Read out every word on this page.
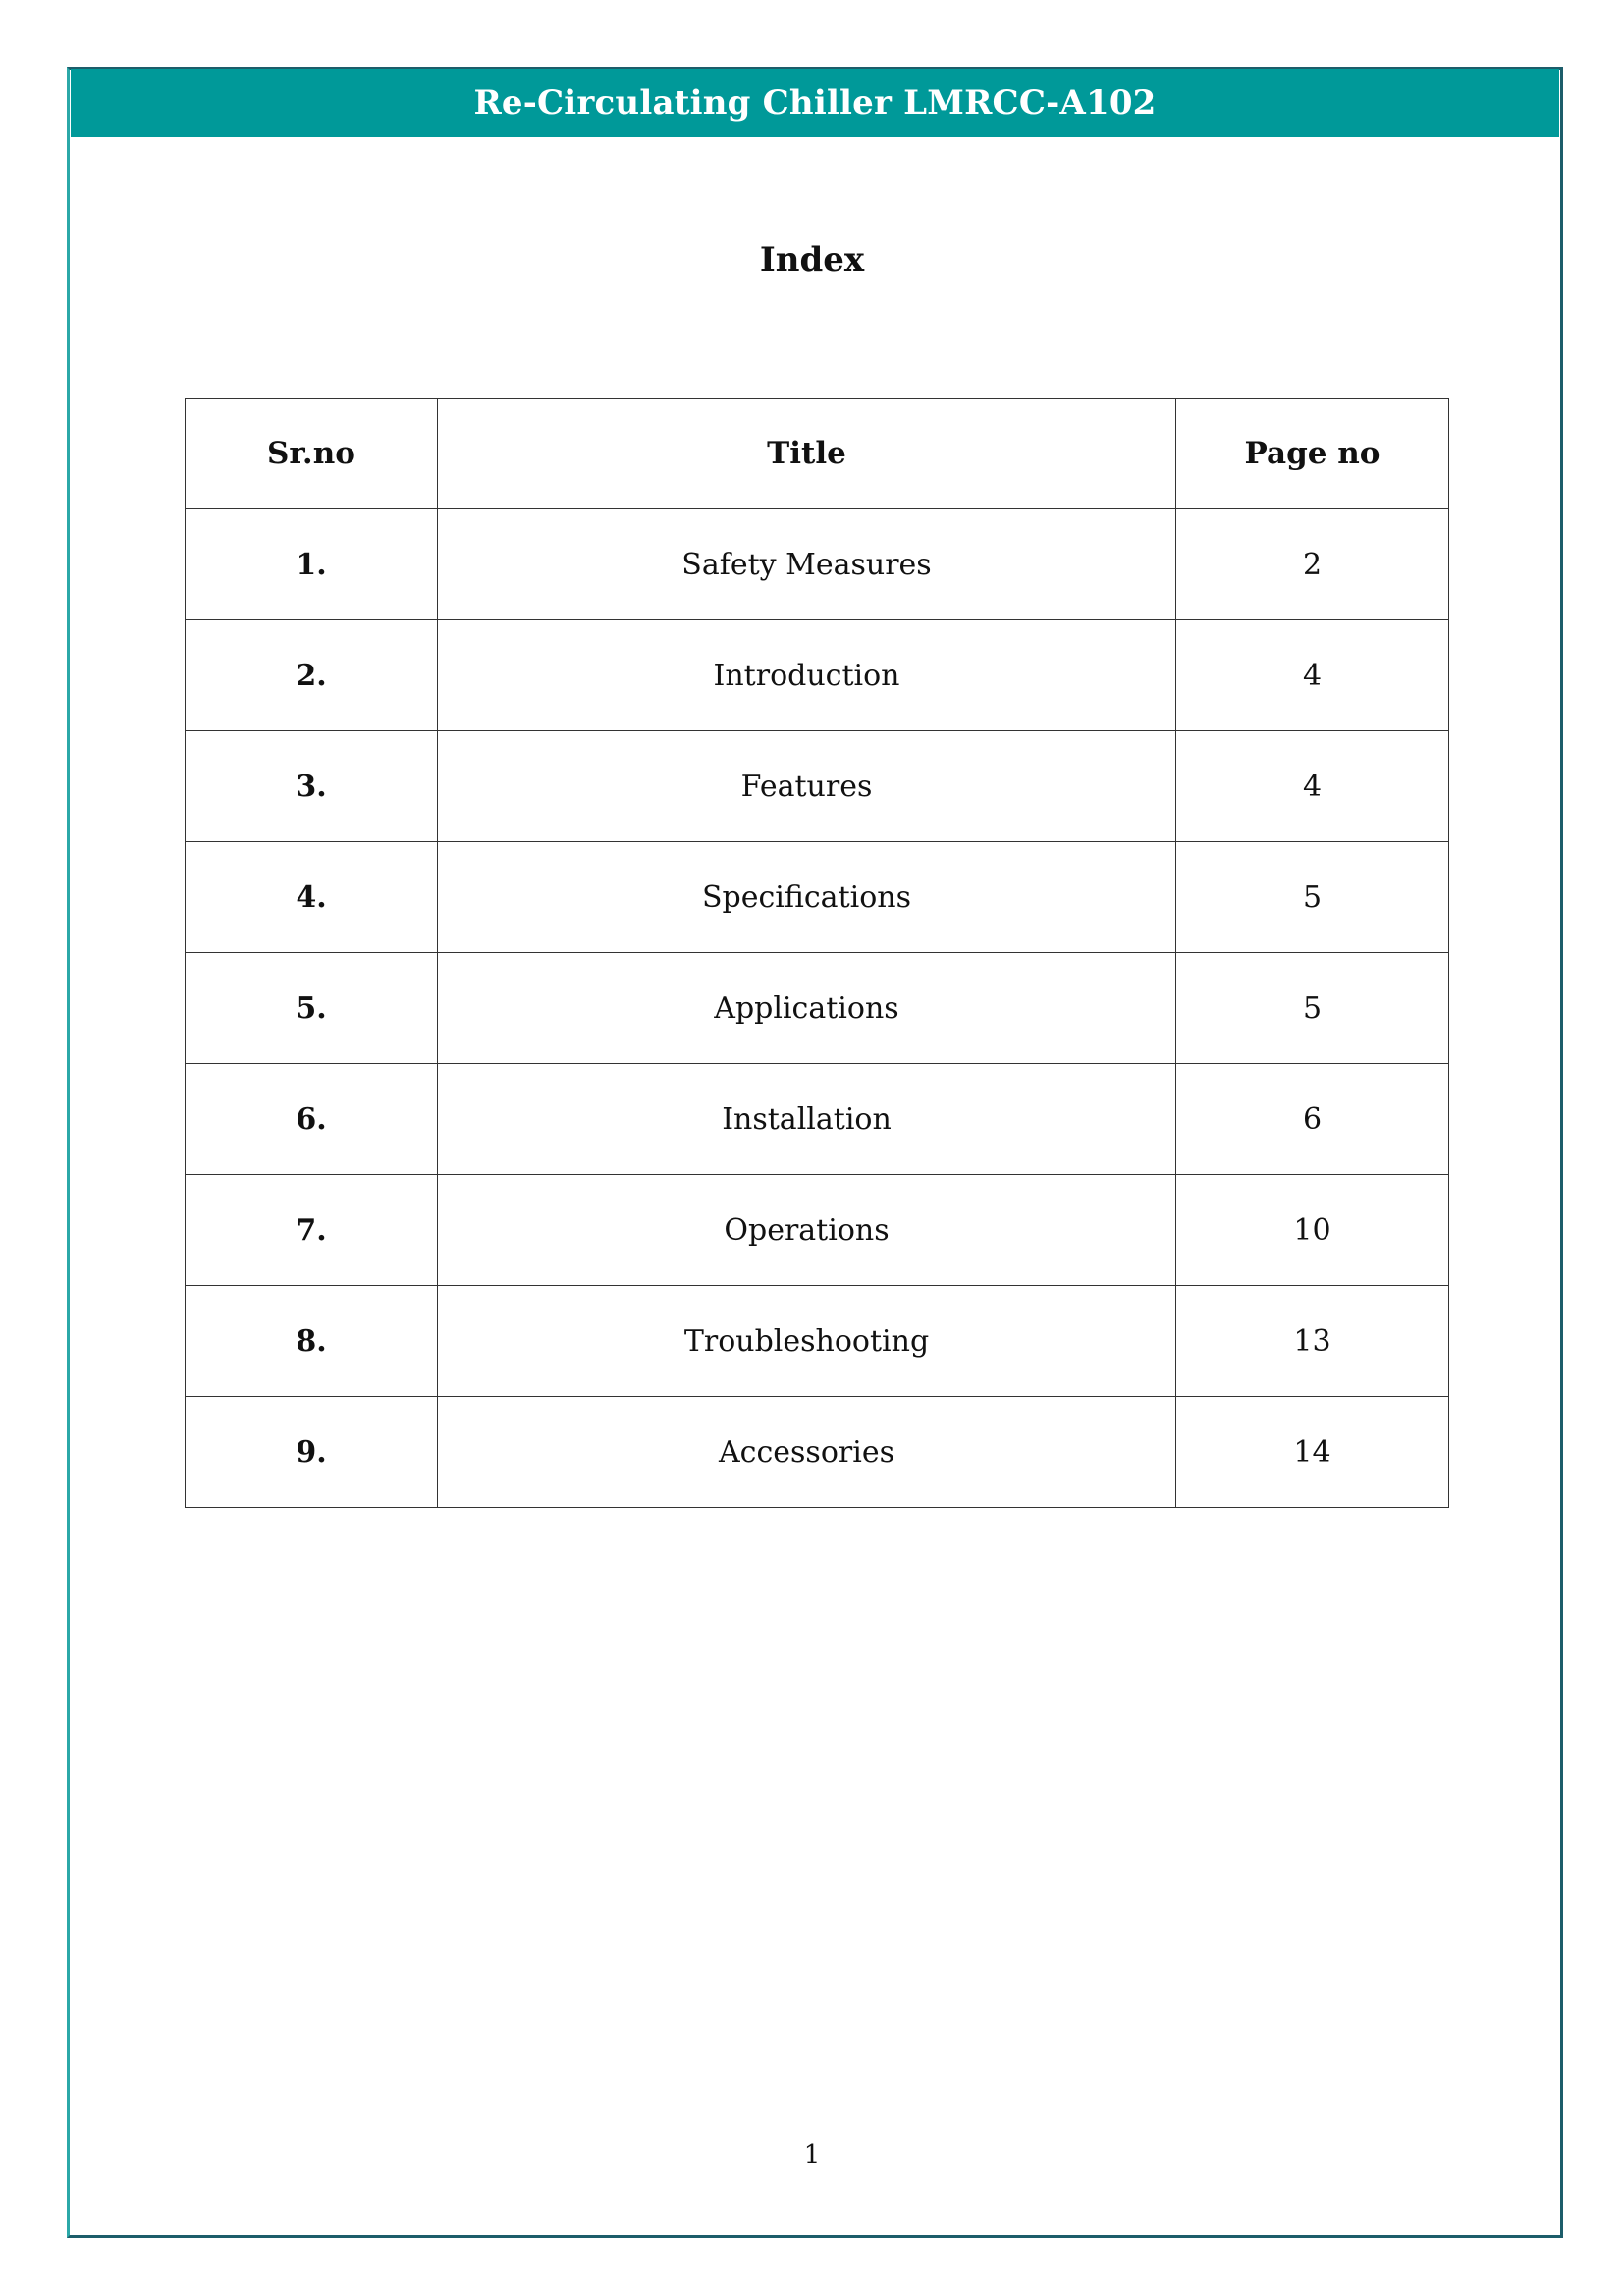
Re-Circulating Chiller LMRCC-A102
Index
Sr.no	Title	Page no
1.	Safety Measures	2
2.	Introduction	4
3.	Features	4
4.	Specifications	5
5.	Applications	5
6.	Installation	6
7.	Operations	10
8.	Troubleshooting	13
9.	Accessories	14
1
